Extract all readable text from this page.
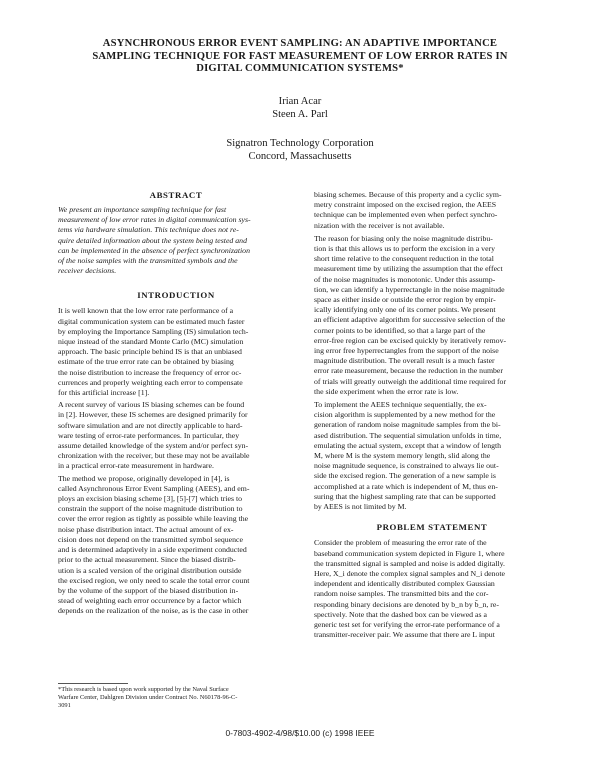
ASYNCHRONOUS ERROR EVENT SAMPLING: AN ADAPTIVE IMPORTANCE
SAMPLING TECHNIQUE FOR FAST MEASUREMENT OF LOW ERROR RATES IN
DIGITAL COMMUNICATION SYSTEMS*
Irian Acar
Steen A. Parl
Signatron Technology Corporation
Concord, Massachusetts

ABSTRACT

We present an importance sampling technique for fast
measurement of low error rates in digital communication sys-
tems via hardware simulation. This technique does not re-
quire detailed information about the system being tested and
can be implemented in the absence of perfect synchronization
of the noise samples with the transmitted symbols and the
receiver decisions.

INTRODUCTION

It is well known that the low error rate performance of a
digital communication system can be estimated much faster
by employing the Importance Sampling (IS) simulation tech-
nique instead of the standard Monte Carlo (MC) simulation
approach. The basic principle behind IS is that an unbiased
estimate of the true error rate can be obtained by biasing
the noise distribution to increase the frequency of error oc-
currences and properly weighting each error to compensate
for this artificial increase [1].
A recent survey of various IS biasing schemes can be found
in [2]. However, these IS schemes are designed primarily for
software simulation and are not directly applicable to hard-
ware testing of error-rate performances. In particular, they
assume detailed knowledge of the system and/or perfect syn-
chronization with the receiver, but these may not be available
in a practical error-rate measurement in hardware.
The method we propose, originally developed in [4], is
called Asynchronous Error Event Sampling (AEES), and em-
ploys an excision biasing scheme [3], [5]-[7] which tries to
constrain the support of the noise magnitude distribution to
cover the error region as tightly as possible while leaving the
noise phase distribution intact. The actual amount of ex-
cision does not depend on the transmitted symbol sequence
and is determined adaptively in a side experiment conducted
prior to the actual measurement. Since the biased distrib-
ution is a scaled version of the original distribution outside
the excised region, we only need to scale the total error count
by the volume of the support of the biased distribution in-
stead of weighting each error occurrence by a factor which
depends on the realization of the noise, as is the case in other
*This research is based upon work supported by the Naval Surface
Warfare Center, Dahlgren Division under Contract No. N60178-96-C-
3091
biasing schemes. Because of this property and a cyclic sym-
metry constraint imposed on the excised region, the AEES
technique can be implemented even when perfect synchro-
nization with the receiver is not available.
The reason for biasing only the noise magnitude distribu-
tion is that this allows us to perform the excision in a very
short time relative to the consequent reduction in the total
measurement time by utilizing the assumption that the effect
of the noise magnitudes is monotonic. Under this assump-
tion, we can identify a hyperrectangle in the noise magnitude
space as either inside or outside the error region by empir-
ically identifying only one of its corner points. We present
an efficient adaptive algorithm for successive selection of the
corner points to be identified, so that a large part of the
error-free region can be excised quickly by iteratively remov-
ing error free hyperrectangles from the support of the noise
magnitude distribution. The overall result is a much faster
error rate measurement, because the reduction in the number
of trials will greatly outweigh the additional time required for
the side experiment when the error rate is low.
To implement the AEES technique sequentially, the ex-
cision algorithm is supplemented by a new method for the
generation of random noise magnitude samples from the bi-
ased distribution. The sequential simulation unfolds in time,
emulating the actual system, except that a window of length
M, where M is the system memory length, slid along the
noise magnitude sequence, is constrained to always lie out-
side the excised region. The generation of a new sample is
accomplished at a rate which is independent of M, thus en-
suring that the highest sampling rate that can be supported
by AEES is not limited by M.

PROBLEM STATEMENT

Consider the problem of measuring the error rate of the
baseband communication system depicted in Figure 1, where
the transmitted signal is sampled and noise is added digitally.
Here, X_i denote the complex signal samples and N_i denote
independent and identically distributed complex Gaussian
random noise samples. The transmitted bits and the cor-
responding binary decisions are denoted by b_n by b̂_n, re-
spectively. Note that the dashed box can be viewed as a
generic test set for verifying the error-rate performance of a
transmitter-receiver pair. We assume that there are L input
0-7803-4902-4/98/$10.00 (c) 1998 IEEE
